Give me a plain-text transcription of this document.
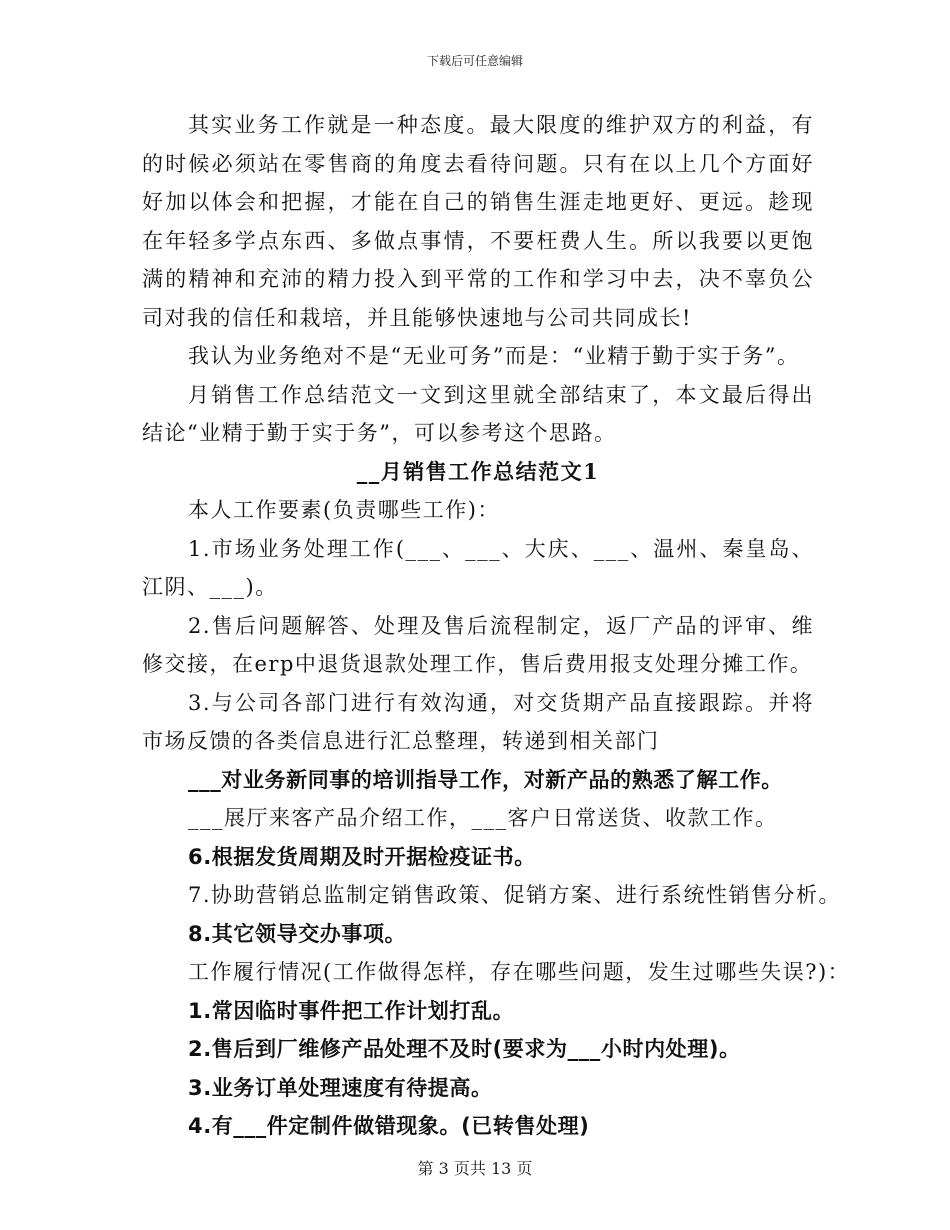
下载后可任意编辑

其实业务工作就是一种态度。最大限度的维护双方的利益，有的时候必须站在零售商的角度去看待问题。只有在以上几个方面好好加以体会和把握，才能在自己的销售生涯走地更好、更远。趁现在年轻多学点东西、多做点事情，不要枉费人生。所以我要以更饱满的精神和充沛的精力投入到平常的工作和学习中去，决不辜负公司对我的信任和栽培，并且能够快速地与公司共同成长!

我认为业务绝对不是“无业可务”而是：“业精于勤于实于务”。

月销售工作总结范文一文到这里就全部结束了，本文最后得出结论“业精于勤于实于务”，可以参考这个思路。

__月销售工作总结范文1

本人工作要素(负责哪些工作)：

1.市场业务处理工作(___、___、大庆、___、温州、秦皇岛、江阴、___)。

2.售后问题解答、处理及售后流程制定，返厂产品的评审、维修交接，在erp中退货退款处理工作，售后费用报支处理分摊工作。

3.与公司各部门进行有效沟通，对交货期产品直接跟踪。并将市场反馈的各类信息进行汇总整理，转递到相关部门

___对业务新同事的培训指导工作，对新产品的熟悉了解工作。

___展厅来客产品介绍工作，___客户日常送货、收款工作。

6.根据发货周期及时开据检疫证书。

7.协助营销总监制定销售政策、促销方案、进行系统性销售分析。

8.其它领导交办事项。

工作履行情况(工作做得怎样，存在哪些问题，发生过哪些失误?)：

1.常因临时事件把工作计划打乱。

2.售后到厂维修产品处理不及时(要求为___小时内处理)。

3.业务订单处理速度有待提高。

4.有___件定制件做错现象。(已转售处理)

第 3 页共 13 页
